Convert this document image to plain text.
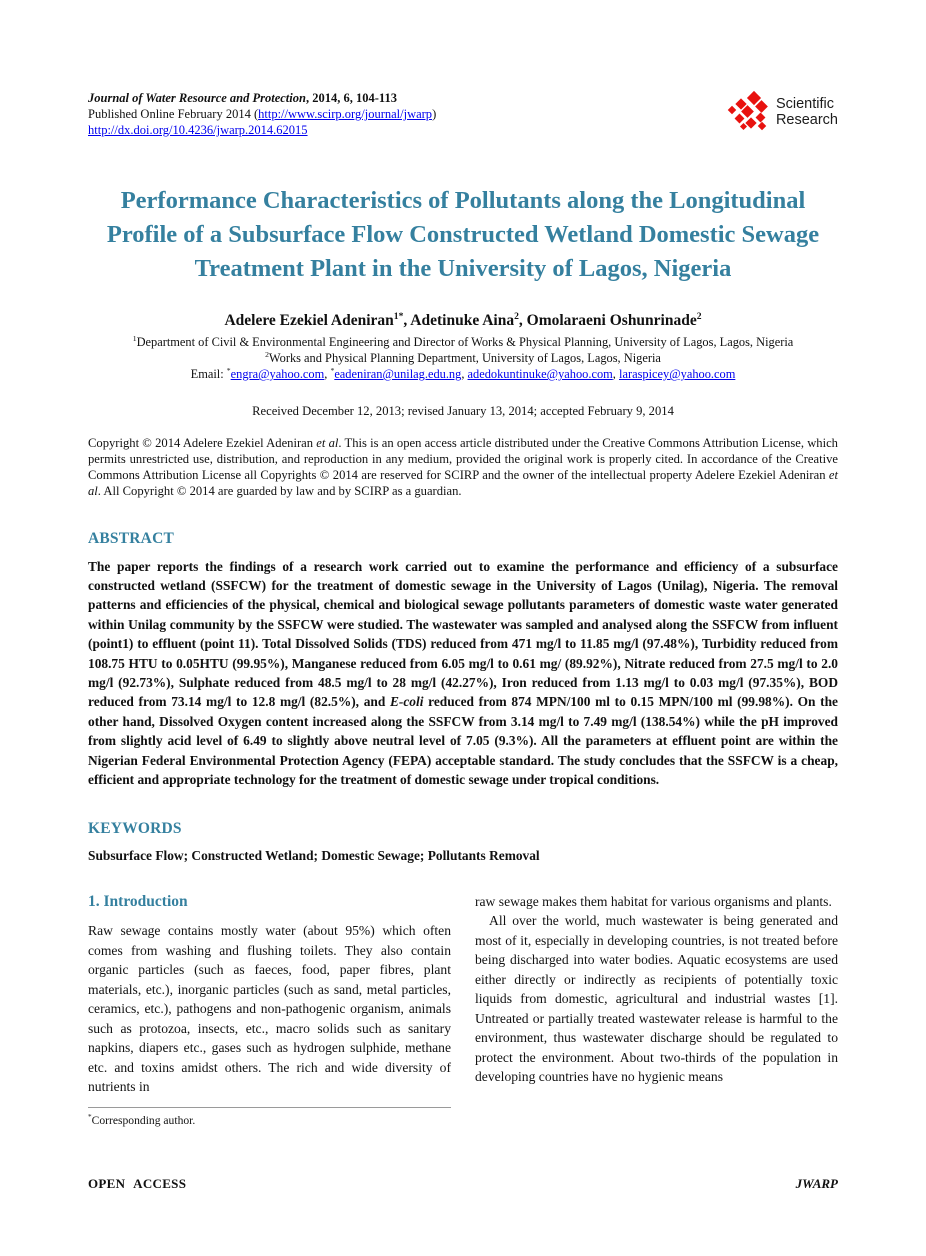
Journal of Water Resource and Protection, 2014, 6, 104-113
Published Online February 2014 (http://www.scirp.org/journal/jwarp)
http://dx.doi.org/10.4236/jwarp.2014.62015
Scientific
Research
Performance Characteristics of Pollutants along the Longitudinal Profile of a Subsurface Flow Constructed Wetland Domestic Sewage Treatment Plant in the University of Lagos, Nigeria
Adelere Ezekiel Adeniran$^{1*}$, Adetinuke Aina$^2$, Omolaraeni Oshunrinade$^2$
$^1$Department of Civil & Environmental Engineering and Director of Works & Physical Planning, University of Lagos, Lagos, Nigeria
$^2$Works and Physical Planning Department, University of Lagos, Lagos, Nigeria
Email: *engra@yahoo.com, *eadeniran@unilag.edu.ng, adedokuntinuke@yahoo.com, laraspicey@yahoo.com
Received December 12, 2013; revised January 13, 2014; accepted February 9, 2014

Copyright © 2014 Adelere Ezekiel Adeniran et al. This is an open access article distributed under the Creative Commons Attribution License, which permits unrestricted use, distribution, and reproduction in any medium, provided the original work is properly cited. In accordance of the Creative Commons Attribution License all Copyrights © 2014 are reserved for SCIRP and the owner of the intellectual property Adelere Ezekiel Adeniran et al. All Copyright © 2014 are guarded by law and by SCIRP as a guardian.

ABSTRACT

The paper reports the findings of a research work carried out to examine the performance and efficiency of a subsurface constructed wetland (SSFCW) for the treatment of domestic sewage in the University of Lagos (Unilag), Nigeria. The removal patterns and efficiencies of the physical, chemical and biological sewage pollutants parameters of domestic waste water generated within Unilag community by the SSFCW were studied. The wastewater was sampled and analysed along the SSFCW from influent (point1) to effluent (point 11). Total Dissolved Solids (TDS) reduced from 471 mg/l to 11.85 mg/l (97.48%), Turbidity reduced from 108.75 HTU to 0.05HTU (99.95%), Manganese reduced from 6.05 mg/l to 0.61 mg/ (89.92%), Nitrate reduced from 27.5 mg/l to 2.0 mg/l (92.73%), Sulphate reduced from 48.5 mg/l to 28 mg/l (42.27%), Iron reduced from 1.13 mg/l to 0.03 mg/l (97.35%), BOD reduced from 73.14 mg/l to 12.8 mg/l (82.5%), and E-coli reduced from 874 MPN/100 ml to 0.15 MPN/100 ml (99.98%). On the other hand, Dissolved Oxygen content increased along the SSFCW from 3.14 mg/l to 7.49 mg/l (138.54%) while the pH improved from slightly acid level of 6.49 to slightly above neutral level of 7.05 (9.3%). All the parameters at effluent point are within the Nigerian Federal Environmental Protection Agency (FEPA) acceptable standard. The study concludes that the SSFCW is a cheap, efficient and appropriate technology for the treatment of domestic sewage under tropical conditions.

KEYWORDS

Subsurface Flow; Constructed Wetland; Domestic Sewage; Pollutants Removal

1. Introduction

Raw sewage contains mostly water (about 95%) which often comes from washing and flushing toilets. They also contain organic particles (such as faeces, food, paper fibres, plant materials, etc.), inorganic particles (such as sand, metal particles, ceramics, etc.), pathogens and non-pathogenic organism, animals such as protozoa, insects, etc., macro solids such as sanitary napkins, diapers etc., gases such as hydrogen sulphide, methane etc. and toxins amidst others. The rich and wide diversity of nutrients in

*Corresponding author.

raw sewage makes them habitat for various organisms and plants.

All over the world, much wastewater is being generated and most of it, especially in developing countries, is not treated before being discharged into water bodies. Aquatic ecosystems are used either directly or indirectly as recipients of potentially toxic liquids from domestic, agricultural and industrial wastes [1]. Untreated or partially treated wastewater release is harmful to the environment, thus wastewater discharge should be regulated to protect the environment. About two-thirds of the population in developing countries have no hygienic means

OPEN ACCESS	JWARP
